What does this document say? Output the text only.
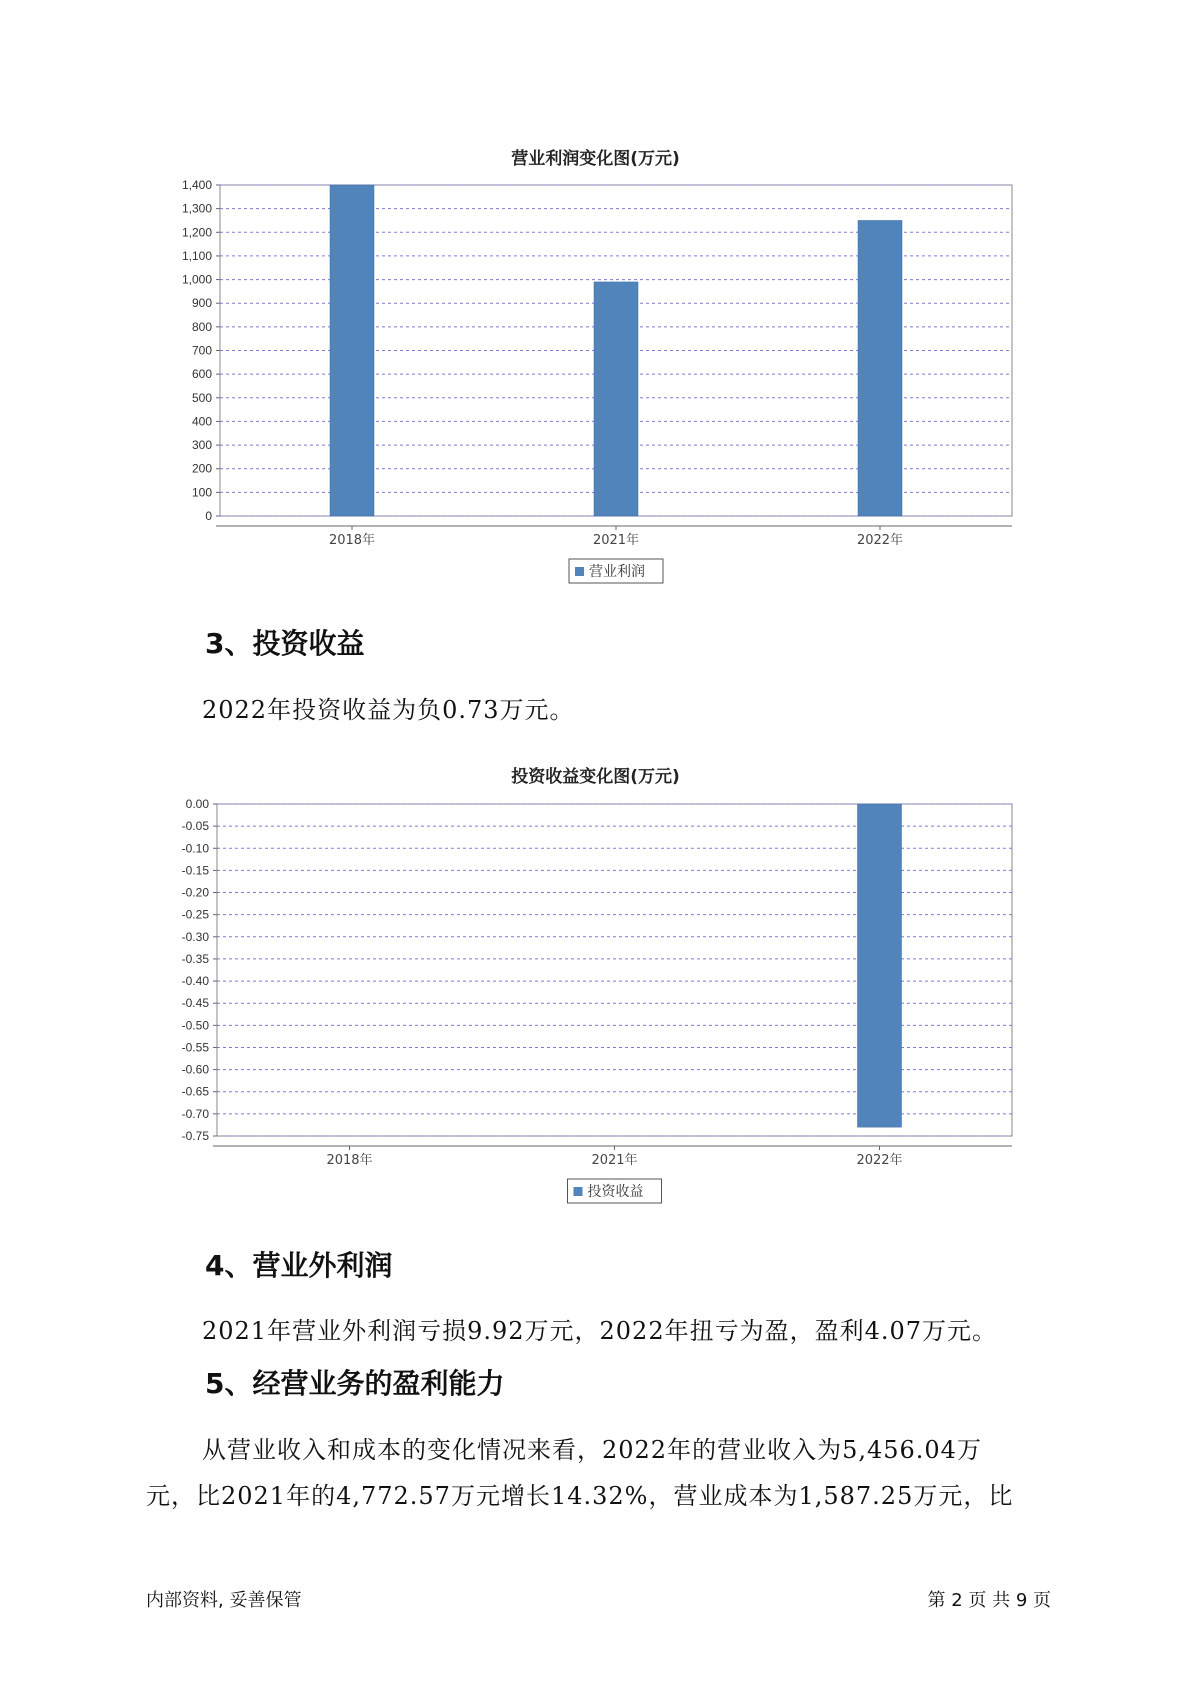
营业利润变化图(万元)
0
100
200
300
400
500
600
700
800
900
1,000
1,100
1,200
1,300
1,400
2018年	2021年	2022年
营业利润
3、投资收益
2022年投资收益为负0.73万元。
投资收益变化图(万元)
0.00
-0.05
-0.10
-0.15
-0.20
-0.25
-0.30
-0.35
-0.40
-0.45
-0.50
-0.55
-0.60
-0.65
-0.70
-0.75
2018年	2021年	2022年
投资收益
4、营业外利润
2021年营业外利润亏损9.92万元，2022年扭亏为盈，盈利4.07万元。
5、经营业务的盈利能力
从营业收入和成本的变化情况来看，2022年的营业收入为5,456.04万
元，比2021年的4,772.57万元增长14.32%，营业成本为1,587.25万元，比
内部资料, 妥善保管	第 2 页 共 9 页
